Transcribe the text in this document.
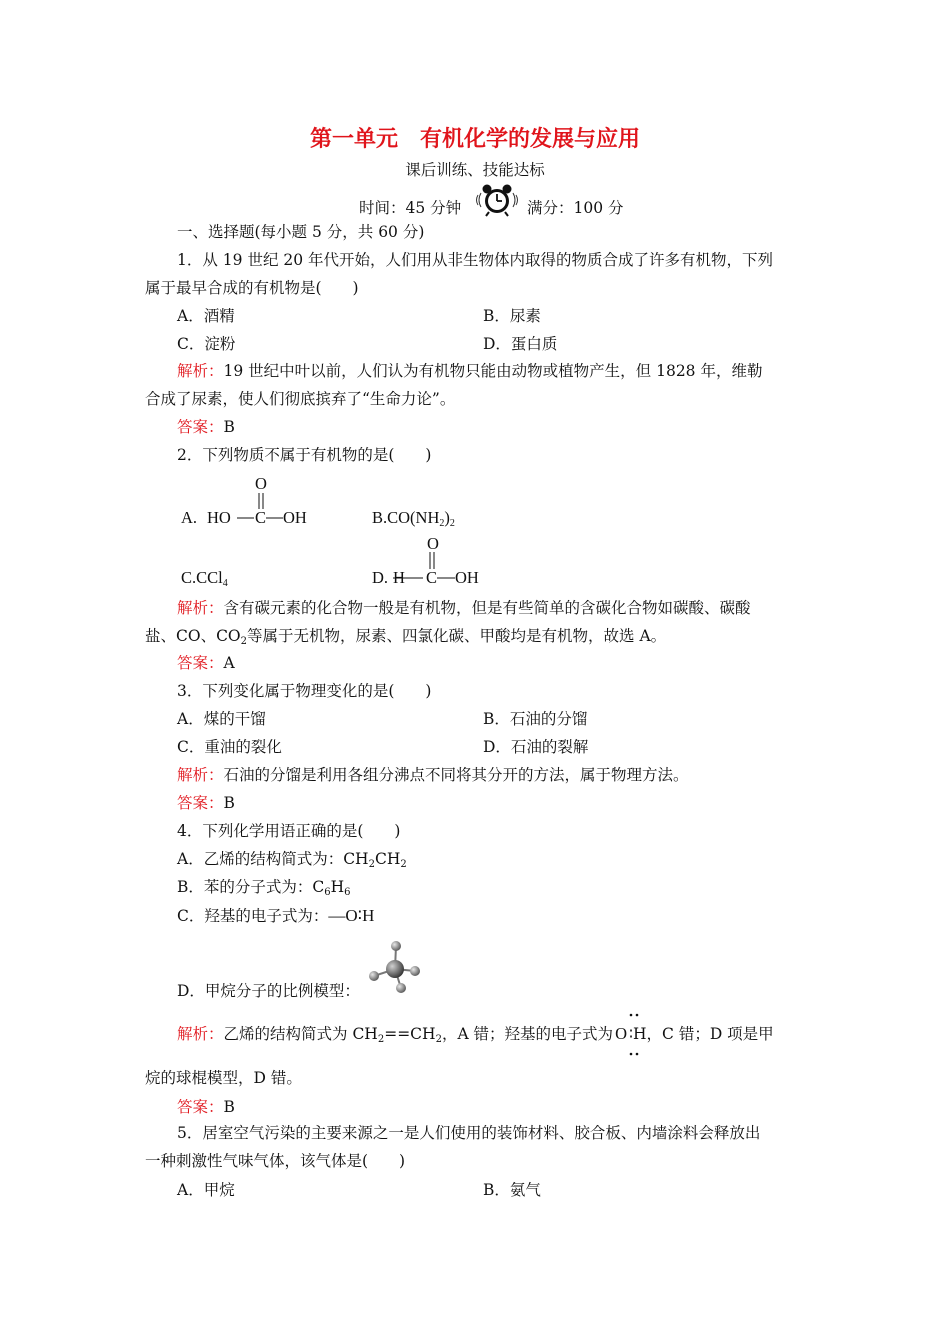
第一单元　有机化学的发展与应用
课后训练、技能达标
时间：45 分钟	满分：100 分
一、选择题(每小题 5 分，共 60 分)
1．从 19 世纪 20 年代开始，人们用从非生物体内取得的物质合成了许多有机物，下列
属于最早合成的有机物是(　　)
A．酒精	B．尿素
C．淀粉	D．蛋白质
解析：19 世纪中叶以前，人们认为有机物只能由动物或植物产生，但 1828 年，维勒
合成了尿素，使人们彻底摈弃了“生命力论”。
答案：B
2．下列物质不属于有机物的是(　　)
A. HO
O
C OH	$B.CO(NH_2)_2$
C.CCl$_4$	D. H
O
C OH
解析：含有碳元素的化合物一般是有机物，但是有些简单的含碳化合物如碳酸、碳酸
盐、CO、$CO_2$等属于无机物，尿素、四氯化碳、甲酸均是有机物，故选 A。
答案：A
3．下列变化属于物理变化的是(　　)
A．煤的干馏	B．石油的分馏
C．重油的裂化	D．石油的裂解
解析：石油的分馏是利用各组分沸点不同将其分开的方法，属于物理方法。
答案：B
4．下列化学用语正确的是(　　)
A．乙烯的结构简式为：$CH_2CH_2$
B．苯的分子式为：$C_6H_6$
C．羟基的电子式为：—O∶H
D．甲烷分子的比例模型：
解析：乙烯的结构简式为 $CH_2==CH_2$，A 错；羟基的电子式为 O ∶H，C 错；D 项是甲
烷的球棍模型，D 错。
答案：B
5．居室空气污染的主要来源之一是人们使用的装饰材料、胶合板、内墙涂料会释放出
一种刺激性气味气体，该气体是(　　)
A．甲烷	B．氨气
